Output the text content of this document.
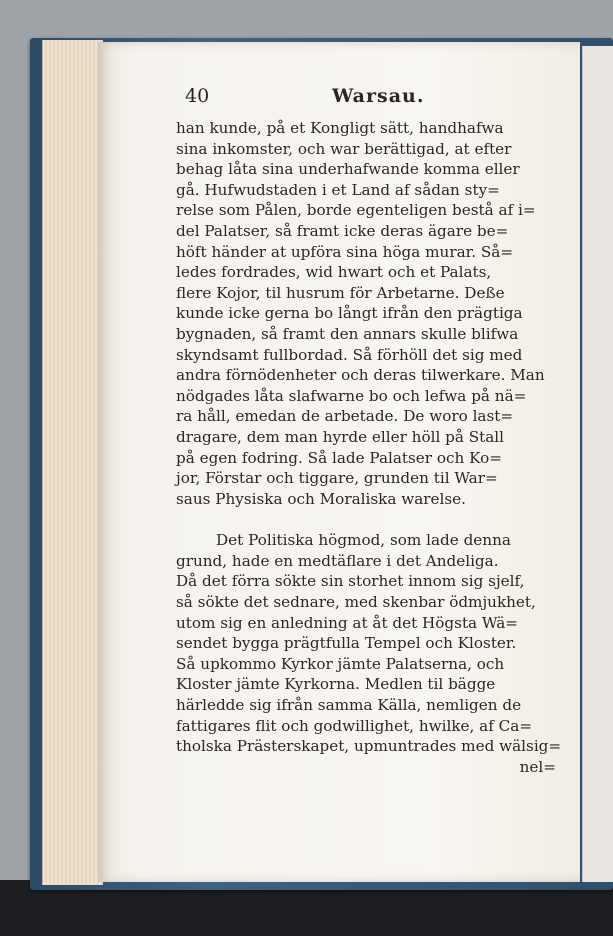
40	Warsau.
han kunde, på et Kongligt sätt, handhafwa
sina inkomster, och war berättigad, at efter
behag låta sina underhafwande komma eller
gå. Hufwudstaden i et Land af sådan sty=
relse som Pålen, borde egenteligen bestå af i=
del Palatser, så framt icke deras ägare be=
höft händer at upföra sina höga murar. Så=
ledes fordrades, wid hwart och et Palats,
flere Kojor, til husrum för Arbetarne. Deße
kunde icke gerna bo långt ifrån den prägtiga
bygnaden, så framt den annars skulle blifwa
skyndsamt fullbordad. Så förhöll det sig med
andra förnödenheter och deras tilwerkare. Man
nödgades låta slafwarne bo och lefwa på nä=
ra håll, emedan de arbetade. De woro last=
dragare, dem man hyrde eller höll på Stall
på egen fodring. Så lade Palatser och Ko=
jor, Förstar och tiggare, grunden til War=
saus Physiska och Moraliska warelse.
Det Politiska högmod, som lade denna
grund, hade en medtäflare i det Andeliga.
Då det förra sökte sin storhet innom sig sjelf,
så sökte det sednare, med skenbar ödmjukhet,
utom sig en anledning at åt det Högsta Wä=
sendet bygga prägtfulla Tempel och Kloster.
Så upkommo Kyrkor jämte Palatserna, och
Kloster jämte Kyrkorna. Medlen til bägge
härledde sig ifrån samma Källa, nemligen de
fattigares flit och godwillighet, hwilke, af Ca=
tholska Prästerskapet, upmuntrades med wälsig=
nel=
